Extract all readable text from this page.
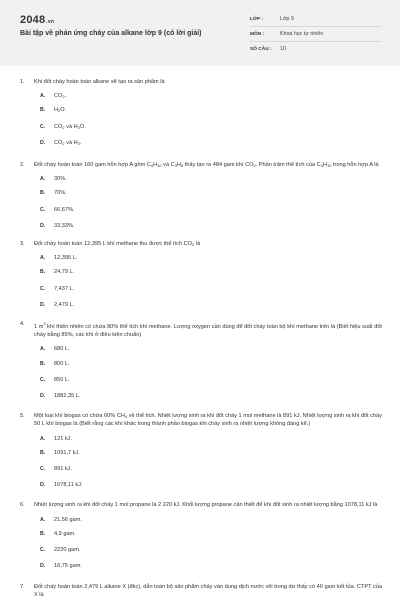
2048.vn
Bài tập về phản ứng cháy của alkane lớp 9 (có lời giải)
LỚP :	Lớp 9
MÔN :	Khoa học tự nhiên
SỐ CÂU :	10
1.	Khi đốt cháy hoàn toàn alkane sẽ tạo ra sản phẩm là
A.	$CO_2$.
B.	$H_2O$.
C.	$CO_2$ và $H_2O$.
D.	$CO_2$ và $H_2$.
2.	Đốt cháy hoàn toàn 160 gam hỗn hợp A gồm $C_4H_{10}$ và $C_3H_8$ thấy tạo ra 484 gam khí $CO_2$. Phần trăm thể tích của $C_4H_{10}$ trong hỗn hợp A là
A.	30%.
B.	70%.
C.	66,67%.
D.	33,33%.
3.	Đốt cháy hoàn toàn 12,395 L khí methane thu được thể tích $CO_2$ là
A.	12,395 L.
B.	24,79 L.
C.	7,437 L.
D.	2,479 L.
4.	1 $m^3$ khí thiên nhiên có chứa 80% thể tích khí methane. Lượng oxygen cần dùng để đốt cháy toàn bộ khí methane trên là (Biết hiệu suất đốt cháy bằng 85%, các khí ở điều kiện chuẩn)
A.	680 L.
B.	800 L.
C.	850 L.
D.	1882,35 L.
5.	Một loại khí biogas có chứa 60% $CH_4$ về thể tích. Nhiệt lượng sinh ra khi đốt cháy 1 mol methane là 891 kJ. Nhiệt lượng sinh ra khi đốt cháy 50 L khí biogas là (Biết rằng các khí khác trong thành phần biogas khi cháy sinh ra nhiệt lượng không đáng kể.)
A.	121 kJ.
B.	1091,7 kJ.
C.	891 kJ.
D.	1078,11 kJ.
6.	Nhiệt lượng sinh ra khi đốt cháy 1 mol propane là 2 220 kJ. Khối lượng propane cần thiết để khi đốt sinh ra nhiệt lượng bằng 1078,11 kJ là
A.	21,56 gam.
B.	4,9 gam.
C.	2220 gam.
D.	16,75 gam.
7.	Đốt cháy hoàn toàn 2,479 L alkane X (đkc), dẫn toàn bộ sản phẩm cháy vào dung dịch nước vôi trong dư thấy có 40 gam kết tủa. CTPT của X là
